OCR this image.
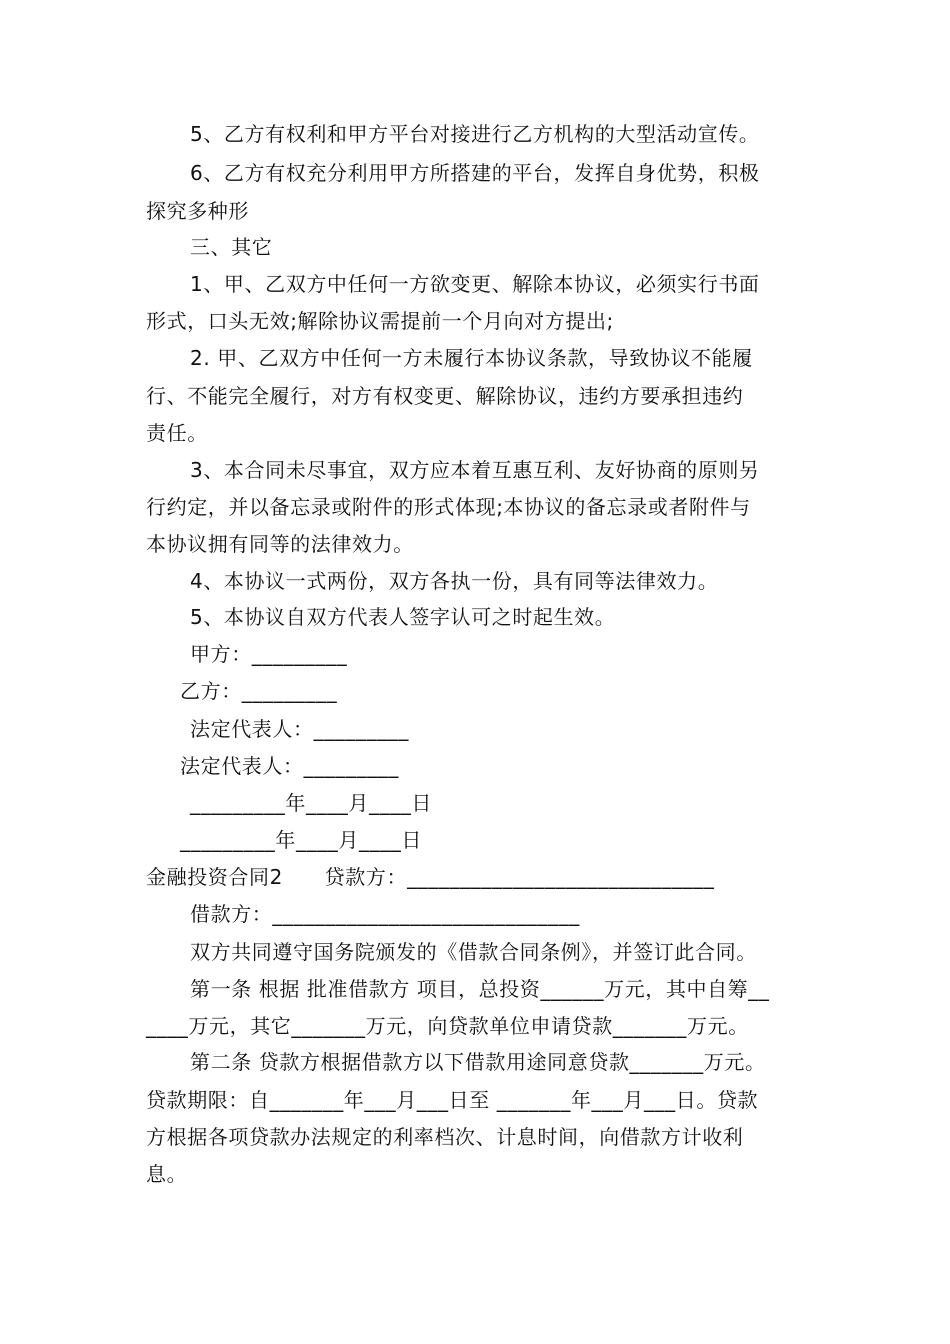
5、乙方有权利和甲方平台对接进行乙方机构的大型活动宣传。
6、乙方有权充分利用甲方所搭建的平台，发挥自身优势，积极
探究多种形
三、其它
1、甲、乙双方中任何一方欲变更、解除本协议，必须实行书面
形式，口头无效;解除协议需提前一个月向对方提出;
2. 甲、乙双方中任何一方未履行本协议条款，导致协议不能履
行、不能完全履行，对方有权变更、解除协议，违约方要承担违约
责任。
3、本合同未尽事宜，双方应本着互惠互利、友好协商的原则另
行约定，并以备忘录或附件的形式体现;本协议的备忘录或者附件与
本协议拥有同等的法律效力。
4、本协议一式两份，双方各执一份，具有同等法律效力。
5、本协议自双方代表人签字认可之时起生效。
甲方：_________
乙方：_________
法定代表人：_________
法定代表人：_________
_________年____月____日
_________年____月____日
金融投资合同2      贷款方：_____________________________
借款方：_____________________________
双方共同遵守国务院颁发的《借款合同条例》，并签订此合同。
第一条 根据 批准借款方 项目，总投资______万元，其中自筹__
____万元，其它_______万元，向贷款单位申请贷款_______万元。
第二条 贷款方根据借款方以下借款用途同意贷款_______万元。
贷款期限：自_______年___月___日至 _______年___月___日。贷款
方根据各项贷款办法规定的利率档次、计息时间，向借款方计收利
息。
